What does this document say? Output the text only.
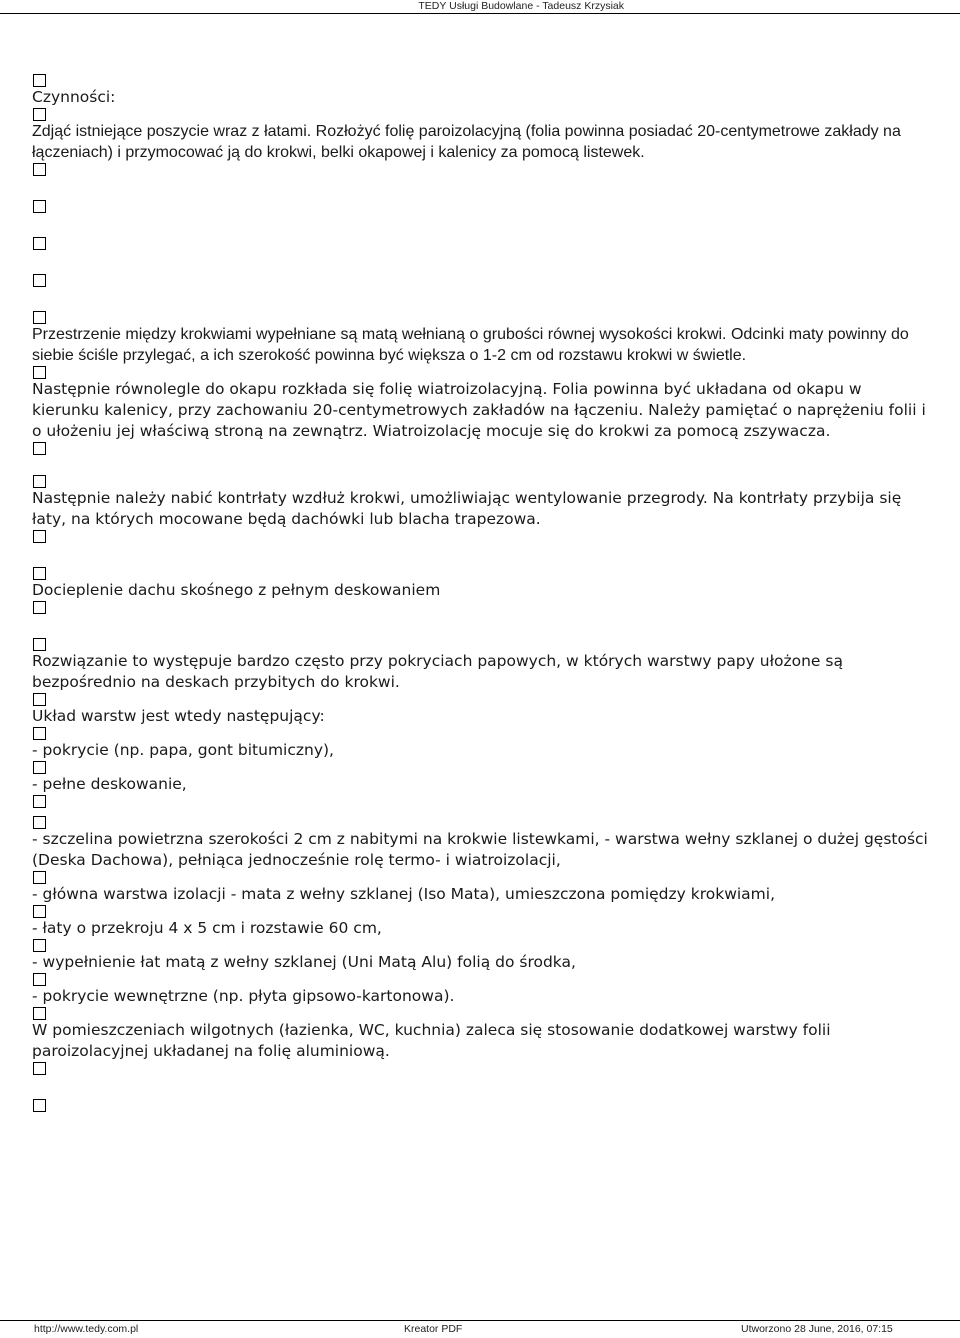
TEDY Usługi Budowlane - Tadeusz Krzysiak

Czynności:

Zdjąć istniejące poszycie wraz z łatami. Rozłożyć folię paroizolacyjną (folia powinna posiadać 20-centymetrowe zakłady na łączeniach) i przymocować ją do krokwi, belki okapowej i kalenicy za pomocą listewek.

Przestrzenie między krokwiami wypełniane są matą wełnianą o grubości równej wysokości krokwi. Odcinki maty powinny do siebie ściśle przylegać, a ich szerokość powinna być większa o 1-2 cm od rozstawu krokwi w świetle.

Następnie równolegle do okapu rozkłada się folię wiatroizolacyjną. Folia powinna być układana od okapu w kierunku kalenicy, przy zachowaniu 20-centymetrowych zakładów na łączeniu. Należy pamiętać o naprężeniu folii i o ułożeniu jej właściwą stroną na zewnątrz. Wiatroizolację mocuje się do krokwi za pomocą zszywacza.

Następnie należy nabić kontrłaty wzdłuż krokwi, umożliwiając wentylowanie przegrody. Na kontrłaty przybija się łaty, na których mocowane będą dachówki lub blacha trapezowa.

Docieplenie dachu skośnego z pełnym deskowaniem

Rozwiązanie to występuje bardzo często przy pokryciach papowych, w których warstwy papy ułożone są bezpośrednio na deskach przybitych do krokwi.

Układ warstw jest wtedy następujący:

- pokrycie (np. papa, gont bitumiczny),

- pełne deskowanie,

- szczelina powietrzna szerokości 2 cm z nabitymi na krokwie listewkami, - warstwa wełny szklanej o dużej gęstości (Deska Dachowa), pełniąca jednocześnie rolę termo- i wiatroizolacji,

- główna warstwa izolacji - mata z wełny szklanej (Iso Mata), umieszczona pomiędzy krokwiami,

- łaty o przekroju 4 x 5 cm i rozstawie 60 cm,

- wypełnienie łat matą z wełny szklanej (Uni Matą Alu) folią do środka,

- pokrycie wewnętrzne (np. płyta gipsowo-kartonowa).

W pomieszczeniach wilgotnych (łazienka, WC, kuchnia) zaleca się stosowanie dodatkowej warstwy folii paroizolacyjnej układanej na folię aluminiową.

http://www.tedy.com.pl	Kreator PDF	Utworzono 28 June, 2016, 07:15
